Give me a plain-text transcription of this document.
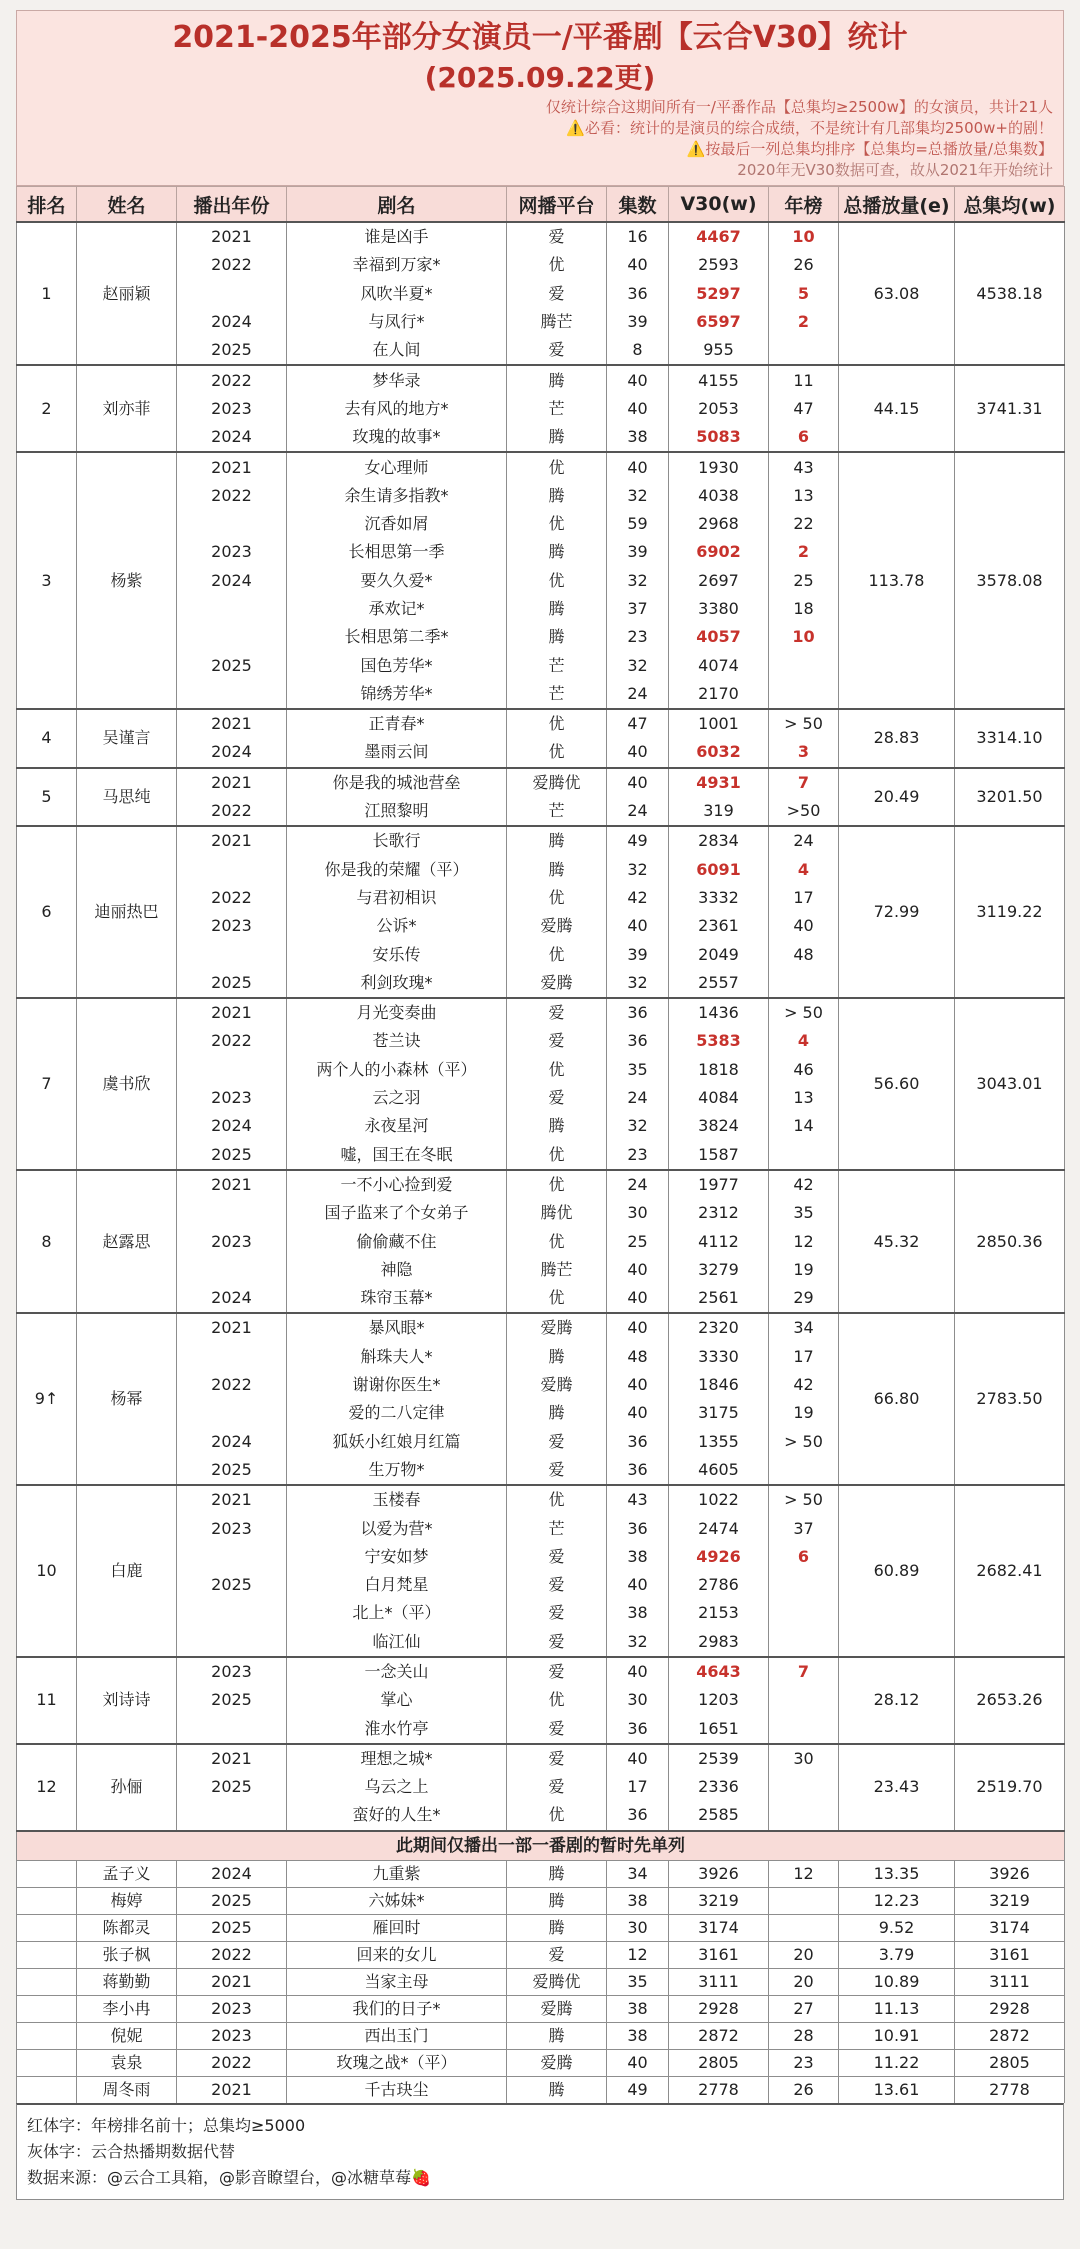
2021-2025年部分女演员一/平番剧【云合V30】统计
(2025.09.22更)
仅统计综合这期间所有一/平番作品【总集均≥2500w】的女演员，共计21人
⚠️必看：统计的是演员的综合成绩，不是统计有几部集均2500w+的剧！
⚠️按最后一列总集均排序【总集均=总播放量/总集数】
2020年无V30数据可查，故从2021年开始统计
排名	姓名	播出年份	剧名	网播平台	集数	V30(w)	年榜	总播放量(e)	总集均(w)
1	赵丽颖	2021	谁是凶手	爱	16	4467	10	63.08	4538.18
		2022	幸福到万家*	优	40	2593	26		
			风吹半夏*	爱	36	5297	5		
		2024	与凤行*	腾芒	39	6597	2		
		2025	在人间	爱	8	955			
2	刘亦菲	2022	梦华录	腾	40	4155	11	44.15	3741.31
		2023	去有风的地方*	芒	40	2053	47		
		2024	玫瑰的故事*	腾	38	5083	6		
3	杨紫	2021	女心理师	优	40	1930	43	113.78	3578.08
		2022	余生请多指教*	腾	32	4038	13		
			沉香如屑	优	59	2968	22		
		2023	长相思第一季	腾	39	6902	2		
		2024	要久久爱*	优	32	2697	25		
			承欢记*	腾	37	3380	18		
			长相思第二季*	腾	23	4057	10		
		2025	国色芳华*	芒	32	4074			
			锦绣芳华*	芒	24	2170			
4	吴谨言	2021	正青春*	优	47	1001	> 50	28.83	3314.10
		2024	墨雨云间	优	40	6032	3		
5	马思纯	2021	你是我的城池营垒	爱腾优	40	4931	7	20.49	3201.50
		2022	江照黎明	芒	24	319	>50		
6	迪丽热巴	2021	长歌行	腾	49	2834	24	72.99	3119.22
			你是我的荣耀（平）	腾	32	6091	4		
		2022	与君初相识	优	42	3332	17		
		2023	公诉*	爱腾	40	2361	40		
			安乐传	优	39	2049	48		
		2025	利剑玫瑰*	爱腾	32	2557			
7	虞书欣	2021	月光变奏曲	爱	36	1436	> 50	56.60	3043.01
		2022	苍兰诀	爱	36	5383	4		
			两个人的小森林（平）	优	35	1818	46		
		2023	云之羽	爱	24	4084	13		
		2024	永夜星河	腾	32	3824	14		
		2025	嘘，国王在冬眠	优	23	1587			
8	赵露思	2021	一不小心捡到爱	优	24	1977	42	45.32	2850.36
			国子监来了个女弟子	腾优	30	2312	35		
		2023	偷偷藏不住	优	25	4112	12		
			神隐	腾芒	40	3279	19		
		2024	珠帘玉幕*	优	40	2561	29		
9↑	杨幂	2021	暴风眼*	爱腾	40	2320	34	66.80	2783.50
			斛珠夫人*	腾	48	3330	17		
		2022	谢谢你医生*	爱腾	40	1846	42		
			爱的二八定律	腾	40	3175	19		
		2024	狐妖小红娘月红篇	爱	36	1355	> 50		
		2025	生万物*	爱	36	4605			
10	白鹿	2021	玉楼春	优	43	1022	> 50	60.89	2682.41
		2023	以爱为营*	芒	36	2474	37		
			宁安如梦	爱	38	4926	6		
		2025	白月梵星	爱	40	2786			
			北上*（平）	爱	38	2153			
			临江仙	爱	32	2983			
11	刘诗诗	2023	一念关山	爱	40	4643	7	28.12	2653.26
		2025	掌心	优	30	1203			
			淮水竹亭	爱	36	1651			
12	孙俪	2021	理想之城*	爱	40	2539	30	23.43	2519.70
		2025	乌云之上	爱	17	2336			
			蛮好的人生*	优	36	2585			
此期间仅播出一部一番剧的暂时先单列									
	孟子义	2024	九重紫	腾	34	3926	12	13.35	3926
	梅婷	2025	六姊妹*	腾	38	3219		12.23	3219
	陈都灵	2025	雁回时	腾	30	3174		9.52	3174
	张子枫	2022	回来的女儿	爱	12	3161	20	3.79	3161
	蒋勤勤	2021	当家主母	爱腾优	35	3111	20	10.89	3111
	李小冉	2023	我们的日子*	爱腾	38	2928	27	11.13	2928
	倪妮	2023	西出玉门	腾	38	2872	28	10.91	2872
	袁泉	2022	玫瑰之战*（平）	爱腾	40	2805	23	11.22	2805
	周冬雨	2021	千古玦尘	腾	49	2778	26	13.61	2778
红体字：年榜排名前十；总集均≥5000
灰体字：云合热播期数据代替
数据来源：@云合工具箱，@影音瞭望台，@冰糖草莓🍓
